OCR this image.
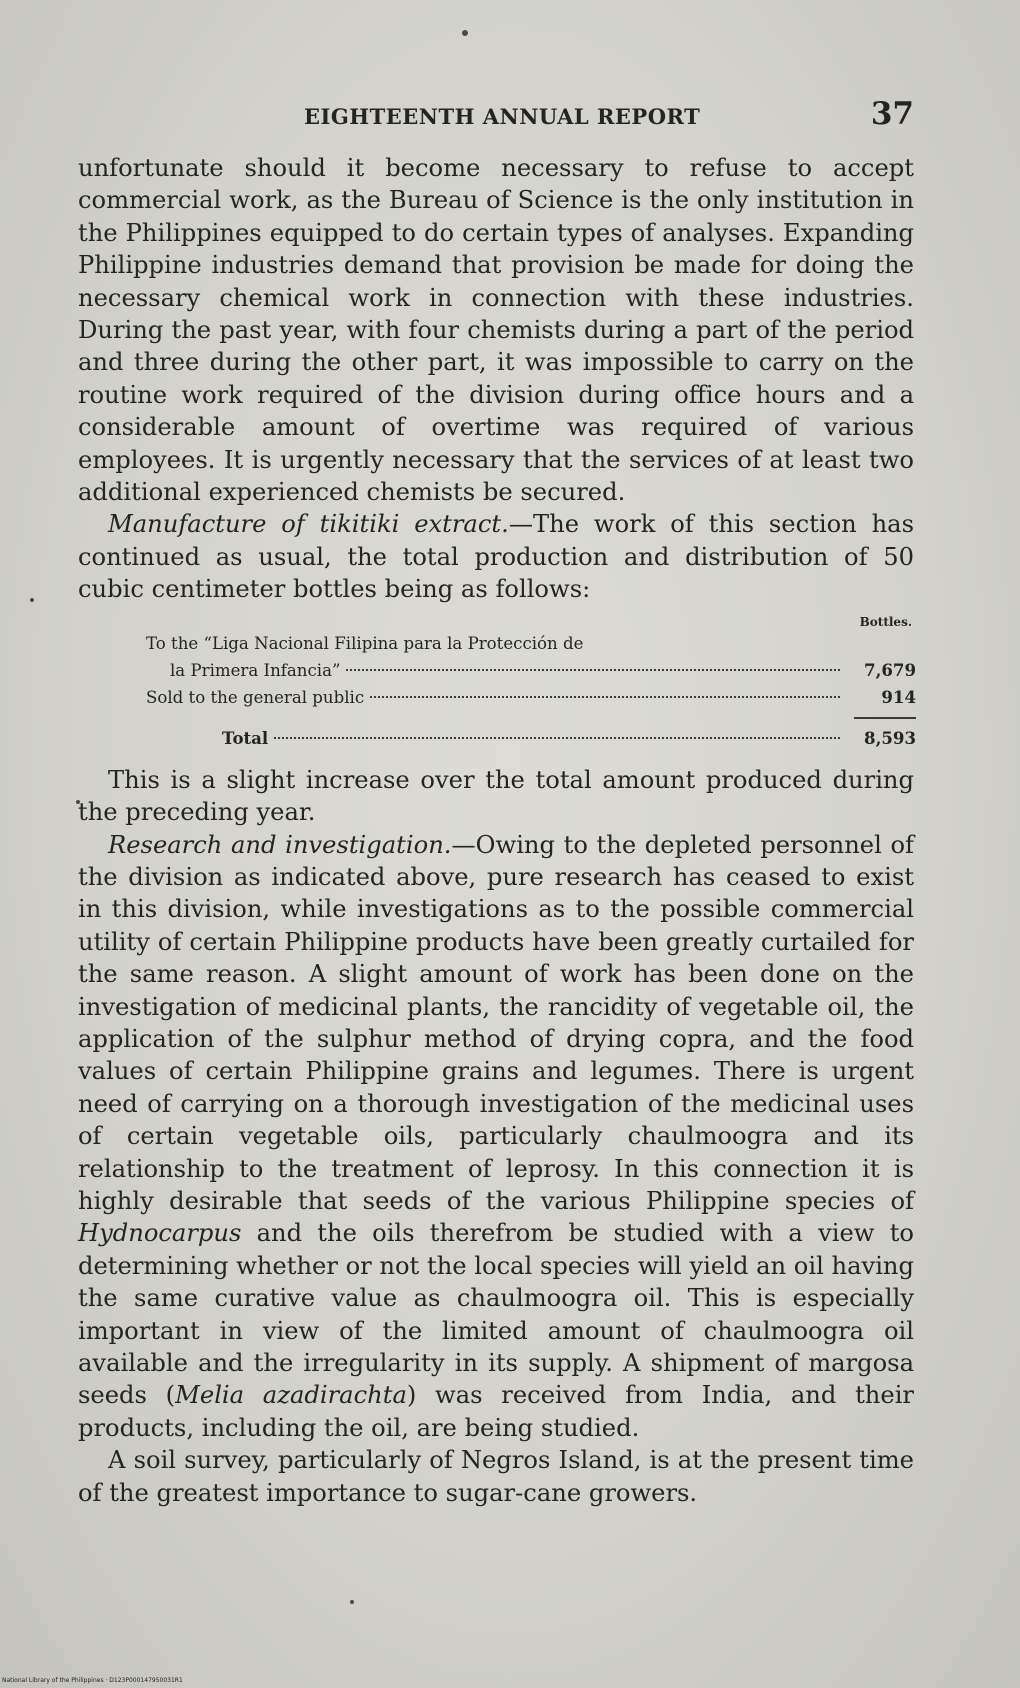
EIGHTEENTH ANNUAL REPORT	37

unfortunate should it become necessary to refuse to accept commercial work, as the Bureau of Science is the only institution in the Philippines equipped to do certain types of analyses. Expanding Philippine industries demand that provision be made for doing the necessary chemical work in connection with these industries. During the past year, with four chemists during a part of the period and three during the other part, it was impossible to carry on the routine work required of the division during office hours and a considerable amount of overtime was required of various employees. It is urgently necessary that the services of at least two additional experienced chemists be secured.

Manufacture of tikitiki extract.—The work of this section has continued as usual, the total production and distribution of 50 cubic centimeter bottles being as follows:

Bottles.
To the “Liga Nacional Filipina para la Protección de
la Primera Infancia”	7,679
Sold to the general public	914
Total	8,593

This is a slight increase over the total amount produced during the preceding year.

Research and investigation.—Owing to the depleted personnel of the division as indicated above, pure research has ceased to exist in this division, while investigations as to the possible commercial utility of certain Philippine products have been greatly curtailed for the same reason. A slight amount of work has been done on the investigation of medicinal plants, the rancidity of vegetable oil, the application of the sulphur method of drying copra, and the food values of certain Philippine grains and legumes. There is urgent need of carrying on a thorough investigation of the medicinal uses of certain vegetable oils, particularly chaulmoogra and its relationship to the treatment of leprosy. In this connection it is highly desirable that seeds of the various Philippine species of Hydnocarpus and the oils therefrom be studied with a view to determining whether or not the local species will yield an oil having the same curative value as chaulmoogra oil. This is especially important in view of the limited amount of chaulmoogra oil available and the irregularity in its supply. A shipment of margosa seeds (Melia azadirachta) was received from India, and their products, including the oil, are being studied.

A soil survey, particularly of Negros Island, is at the present time of the greatest importance to sugar-cane growers.

National Library of the Philippines · D123P000147950031R1
